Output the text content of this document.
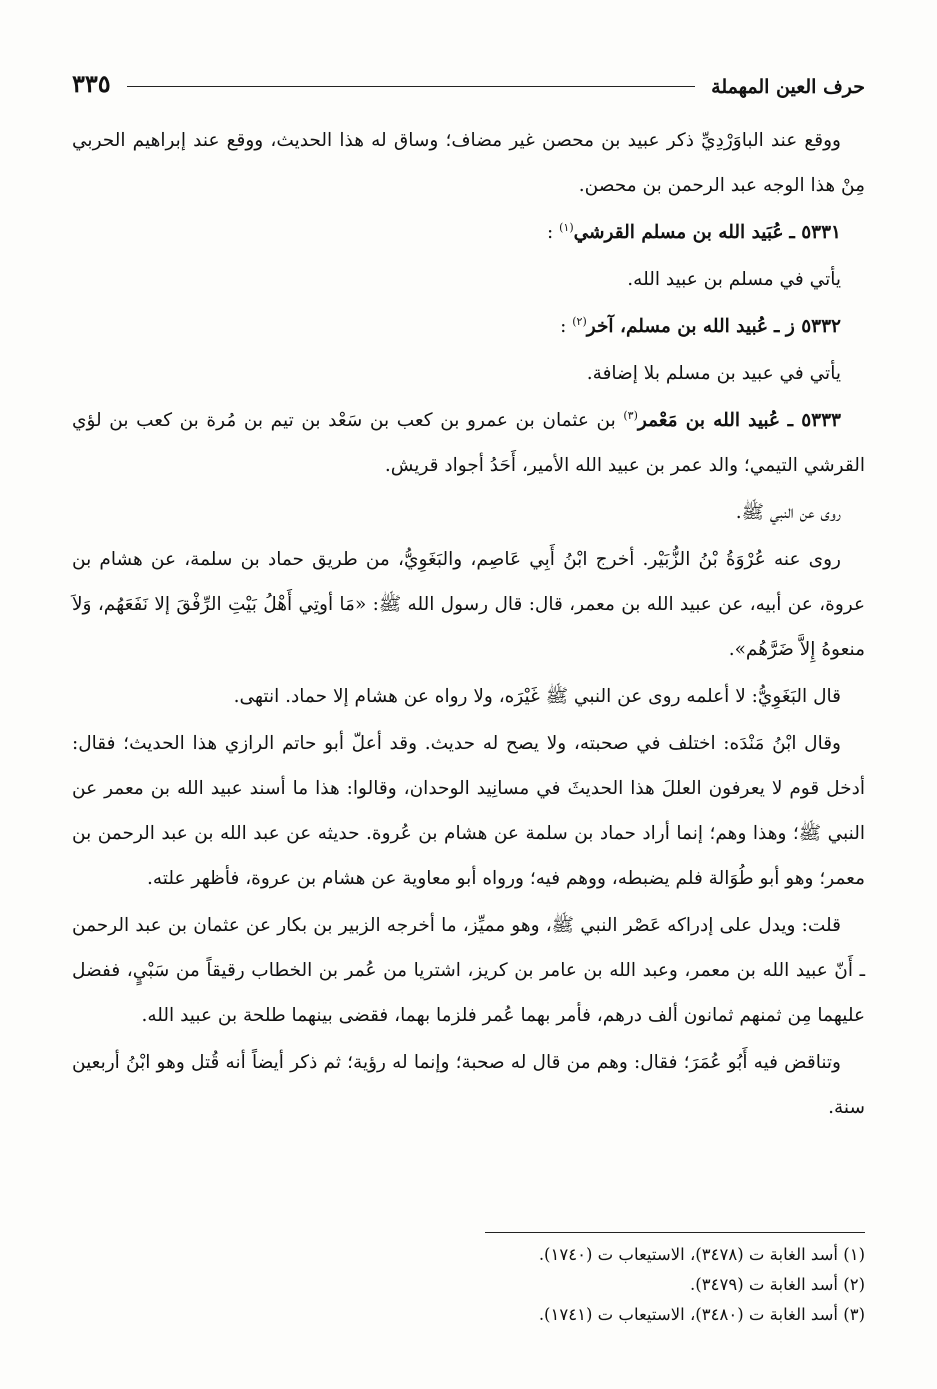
حرف العين المهملة
٣٣٥

ووقع عند الباوَرْدِيِّ ذكر عبيد بن محصن غير مضاف؛ وساق له هذا الحديث، ووقع عند إبراهيم الحربي مِنْ هذا الوجه عبد الرحمن بن محصن.

٥٣٣١ ـ عُبَيد الله بن مسلم القرشي$^{(١)}$ :

يأتي في مسلم بن عبيد الله.

٥٣٣٢ ز ـ عُبيد الله بن مسلم، آخر$^{(٢)}$ :

يأتي في عبيد بن مسلم بلا إضافة.

٥٣٣٣ ـ عُبيد الله بن مَعْمر$^{(٣)}$ بن عثمان بن عمرو بن كعب بن سَعْد بن تيم بن مُرة بن كعب بن لؤي القرشي التيمي؛ والد عمر بن عبيد الله الأمير، أَحَدُ أجواد قريش.

روى عن النبي ﷺ.

روى عنه عُرْوَةُ بْنُ الزُّبَيْر. أخرج ابْنُ أَبِي عَاصِم، والبَغَوِيُّ، من طريق حماد بن سلمة، عن هشام بن عروة، عن أبيه، عن عبيد الله بن معمر، قال: قال رسول الله ﷺ: «مَا أوتِي أَهْلُ بَيْتِ الرِّفْقَ إلا نَفَعَهُم، وَلاَ منعوهُ إِلاَّ ضَرَّهُم».

قال البَغَوِيُّ: لا أعلمه روى عن النبي ﷺ غَيْرَه، ولا رواه عن هشام إلا حماد. انتهى.

وقال ابْنُ مَنْدَه: اختلف في صحبته، ولا يصح له حديث. وقد أعلّ أبو حاتم الرازي هذا الحديث؛ فقال: أدخل قوم لا يعرفون العللَ هذا الحديثَ في مسانِيد الوحدان، وقالوا: هذا ما أسند عبيد الله بن معمر عن النبي ﷺ؛ وهذا وهم؛ إنما أراد حماد بن سلمة عن هشام بن عُروة. حديثه عن عبد الله بن عبد الرحمن بن معمر؛ وهو أبو طُوَالة فلم يضبطه، ووهم فيه؛ ورواه أبو معاوية عن هشام بن عروة، فأظهر علته.

قلت: ويدل على إدراكه عَصْر النبي ﷺ، وهو مميِّز، ما أخرجه الزبير بن بكار عن عثمان بن عبد الرحمن ـ أَنّ عبيد الله بن معمر، وعبد الله بن عامر بن كريز، اشتريا من عُمر بن الخطاب رقيقاً من سَبْيٍ، ففضل عليهما مِن ثمنهم ثمانون ألف درهم، فأمر بهما عُمر فلزما بهما، فقضى بينهما طلحة بن عبيد الله.

وتناقض فيه أَبُو عُمَرَ؛ فقال: وهم من قال له صحبة؛ وإنما له رؤية؛ ثم ذكر أيضاً أنه قُتل وهو ابْنُ أربعين سنة.

(١) أسد الغابة ت (٣٤٧٨)، الاستيعاب ت (١٧٤٠).
(٢) أسد الغابة ت (٣٤٧٩).
(٣) أسد الغابة ت (٣٤٨٠)، الاستيعاب ت (١٧٤١).
